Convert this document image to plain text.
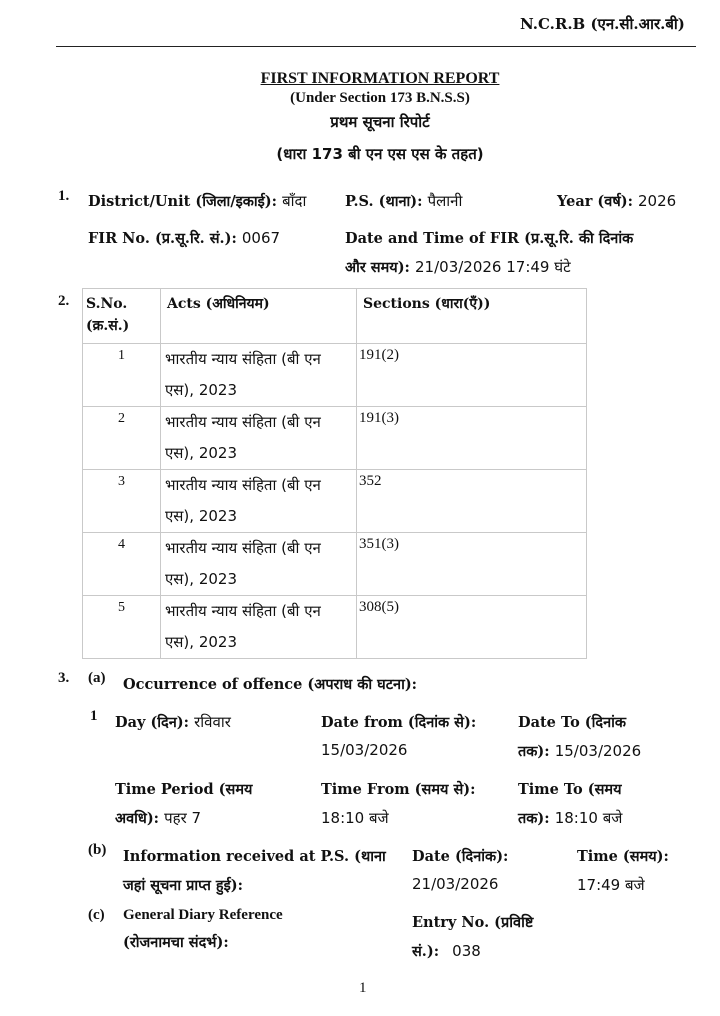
N.C.R.B (एन.सी.आर.बी)
FIRST INFORMATION REPORT
(Under Section 173 B.N.S.S)
प्रथम सूचना रिपोर्ट
(धारा 173 बी एन एस एस के तहत)
1. District/Unit (जिला/इकाई): बाँदा	P.S. (थाना): पैलानी	Year (वर्ष): 2026
FIR No. (प्र.सू.रि. सं.): 0067	Date and Time of FIR (प्र.सू.रि. की दिनांक
और समय): 21/03/2026 17:49 घंटे
2. S.No.
(क्र.सं.)	Acts (अधिनियम)	Sections (धारा(एँ))

1	भारतीय न्याय संहिता (बी एन एस), 2023	191(2)

2	भारतीय न्याय संहिता (बी एन एस), 2023	191(3)

3	भारतीय न्याय संहिता (बी एन एस), 2023	352

4	भारतीय न्याय संहिता (बी एन एस), 2023	351(3)

5	भारतीय न्याय संहिता (बी एन एस), 2023	308(5)
3. (a) Occurrence of offence (अपराध की घटना):
1 Day (दिन): रविवार	Date from (दिनांक से):
15/03/2026
Date To (दिनांक
तक): 15/03/2026
Time Period (समय
अवधि): पहर 7
Time From (समय से):
18:10 बजे
Time To (समय
तक): 18:10 बजे
(b) Information received at P.S. (थाना
जहां सूचना प्राप्त हुई):
Date (दिनांक):
21/03/2026
Time (समय):
17:49 बजे
(c) General Diary Reference
(रोजनामचा संदर्भ):
Entry No. (प्रविष्टि
सं.): 038
1
